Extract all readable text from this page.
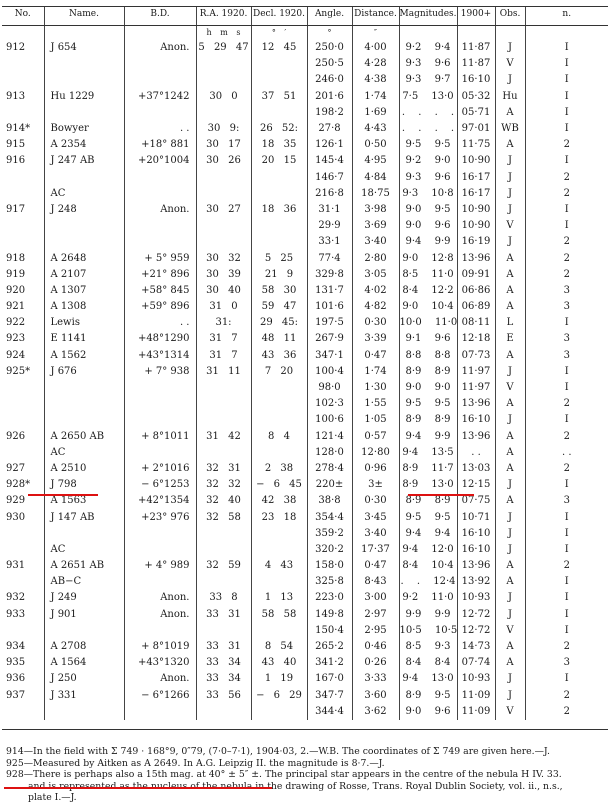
No.	Name.	B.D.	R.A. 1920.	Decl. 1920.	Angle.	Distance.	Magnitudes.	1900+	Obs.	n.
			h m s	° ′	°	″				
912	J 654	Anon.	5 29 47	12 45	250·0	4·00	9·2 9·4	11·87	J	I
					250·5	4·28	9·3 9·6	11·87	V	I
					246·0	4·38	9·3 9·7	16·10	J	I
913	Hu 1229	+37°1242	30 0	37 51	201·6	1·74	7·5 13·0	05·32	Hu	I
					198·2	1·69	. . . .	05·71	A	I
914*	Bowyer	. .	30 9:	26 52:	27·8	4·43	. . . .	97·01	WB	I
915	A 2354	+18° 881	30 17	18 35	126·1	0·50	9·5 9·5	11·75	A	2
916	J 247 AB	+20°1004	30 26	20 15	145·4	4·95	9·2 9·0	10·90	J	I
					146·7	4·84	9·3 9·6	16·17	J	2
	AC				216·8	18·75	9·3 10·8	16·17	J	2
917	J 248	Anon.	30 27	18 36	31·1	3·98	9·0 9·5	10·90	J	I
					29·9	3·69	9·0 9·6	10·90	V	I
					33·1	3·40	9·4 9·9	16·19	J	2
918	A 2648	+ 5° 959	30 32	5 25	77·4	2·80	9·0 12·8	13·96	A	2
919	A 2107	+21° 896	30 39	21 9	329·8	3·05	8·5 11·0	09·91	A	2
920	A 1307	+58° 845	30 40	58 30	131·7	4·02	8·4 12·2	06·86	A	3
921	A 1308	+59° 896	31 0	59 47	101·6	4·82	9·0 10·4	06·89	A	3
922	Lewis	. .	31:	29 45:	197·5	0·30	10·0 11·0	08·11	L	I
923	E 1141	+48°1290	31 7	48 11	267·9	3·39	9·1 9·6	12·18	E	3
924	A 1562	+43°1314	31 7	43 36	347·1	0·47	8·8 8·8	07·73	A	3
925*	J 676	+ 7° 938	31 11	7 20	100·4	1·74	8·9 8·9	11·97	J	I
					98·0	1·30	9·0 9·0	11·97	V	I
					102·3	1·55	9·5 9·5	13·96	A	2
					100·6	1·05	8·9 8·9	16·10	J	I
926	A 2650 AB	+ 8°1011	31 42	8 4	121·4	0·57	9·4 9·9	13·96	A	2
	AC				128·0	12·80	9·4 13·5	. .	A	. .
927	A 2510	+ 2°1016	32 31	2 38	278·4	0·96	8·9 11·7	13·03	A	2
928*	J 798	− 6°1253	32 32	− 6 45	220±	3±	8·9 13·0	12·15	J	I
929	A 1563	+42°1354	32 40	42 38	38·8	0·30	8·9 8·9	07·75	A	3
930	J 147 AB	+23° 976	32 58	23 18	354·4	3·45	9·5 9·5	10·71	J	I
					359·2	3·40	9·4 9·4	16·10	J	I
	AC				320·2	17·37	9·4 12·0	16·10	J	I
931	A 2651 AB	+ 4° 989	32 59	4 43	158·0	0·47	8·4 10·4	13·96	A	2
	AB−C				325·8	8·43	. . 12·4	13·92	A	I
932	J 249	Anon.	33 8	1 13	223·0	3·00	9·2 11·0	10·93	J	I
933	J 901	Anon.	33 31	58 58	149·8	2·97	9·9 9·9	12·72	J	I
					150·4	2·95	10·5 10·5	12·72	V	I
934	A 2708	+ 8°1019	33 31	8 54	265·2	0·46	8·5 9·3	14·73	A	2
935	A 1564	+43°1320	33 34	43 40	341·2	0·26	8·4 8·4	07·74	A	3
936	J 250	Anon.	33 34	1 19	167·0	3·33	9·4 13·0	10·93	J	I
937	J 331	− 6°1266	33 56	− 6 29	347·7	3·60	8·9 9·5	11·09	J	2
					344·4	3·62	9·0 9·6	11·09	V	2

914—In the field with Σ 749 · 168°9, 0″79, (7·0–7·1), 1904·03, 2.—W.B. The coordinates of Σ 749 are given here.—J.

925—Measured by Aitken as A 2649. In A.G. Leipzig II. the magnitude is 8·7.—J.

928—There is perhaps also a 15th mag. at 40° ± 5″ ±. The principal star appears in the centre of the nebula H IV. 33.

and is represented as the nucleus of the nebula in the drawing of Rosse, Trans. Royal Dublin Society, vol. ii., n.s.,

plate I.—J.
